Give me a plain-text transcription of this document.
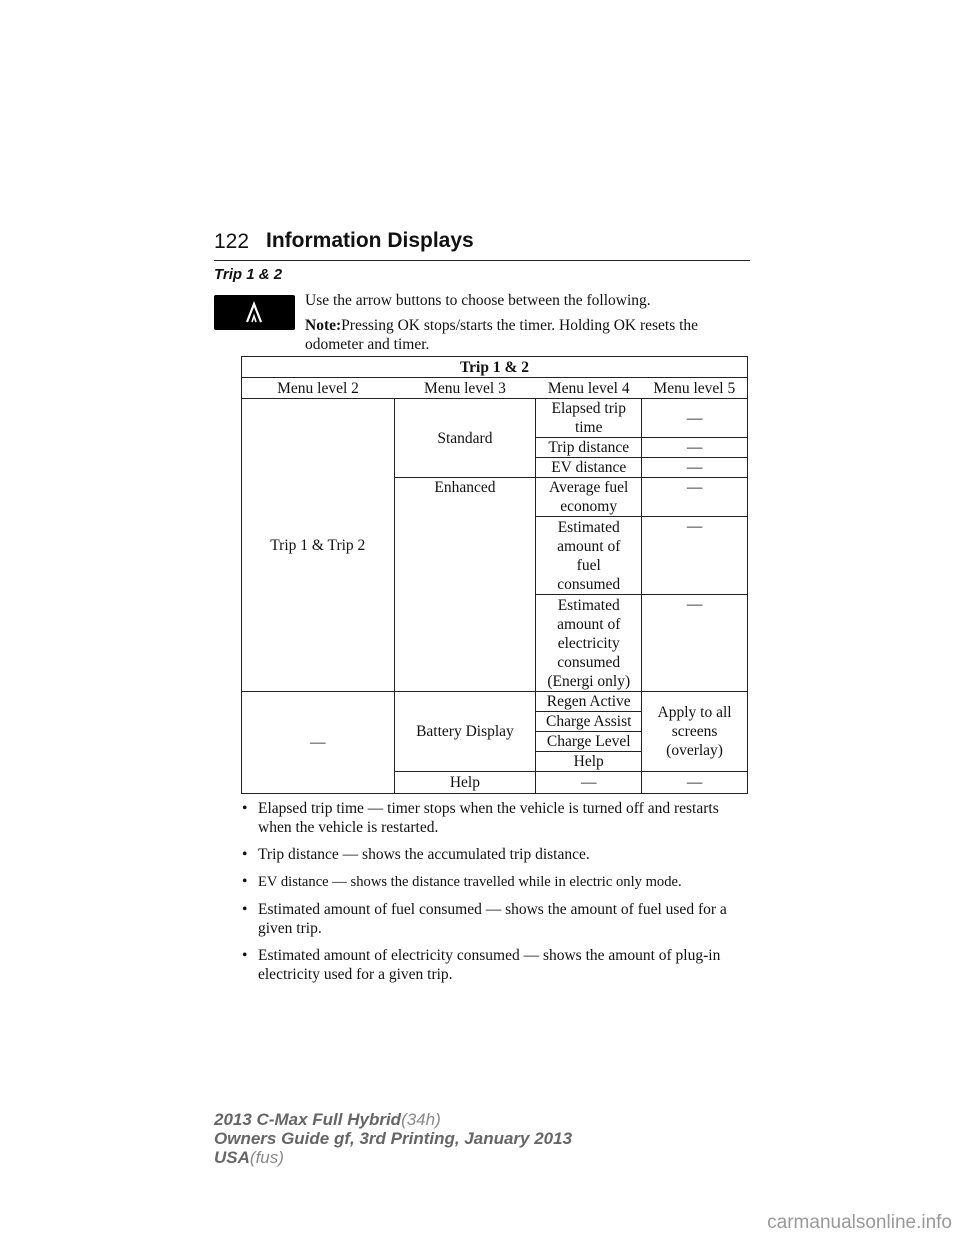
122 Information Displays
Trip 1 & 2

Use the arrow buttons to choose between the following.

Note:Pressing OK stops/starts the timer. Holding OK resets the odometer and timer.

Trip 1 & 2			
Menu level 2	Menu level 3	Menu level 4	Menu level 5
Trip 1 & Trip 2	Standard	Elapsed trip time	—
		Trip distance	—
		EV distance	—
	Enhanced	Average fuel economy	—

		Estimated
amount of
fuel
consumed	—

		Estimated
amount of
electricity
consumed
(Energi only)	—
—	Battery Display	Regen Active	Apply to all
screens
(overlay)

		Charge Assist	
		Charge Level	
		Help	
	Help	—	—
• Elapsed trip time — timer stops when the vehicle is turned off and restarts when the vehicle is restarted.
• Trip distance — shows the accumulated trip distance.
• EV distance — shows the distance travelled while in electric only mode.
• Estimated amount of fuel consumed — shows the amount of fuel used for a given trip.
• Estimated amount of electricity consumed — shows the amount of plug-in electricity used for a given trip.
2013 C-Max Full Hybrid(34h)
Owners Guide gf, 3rd Printing, January 2013
USA(fus)
carmanualsonline.info
